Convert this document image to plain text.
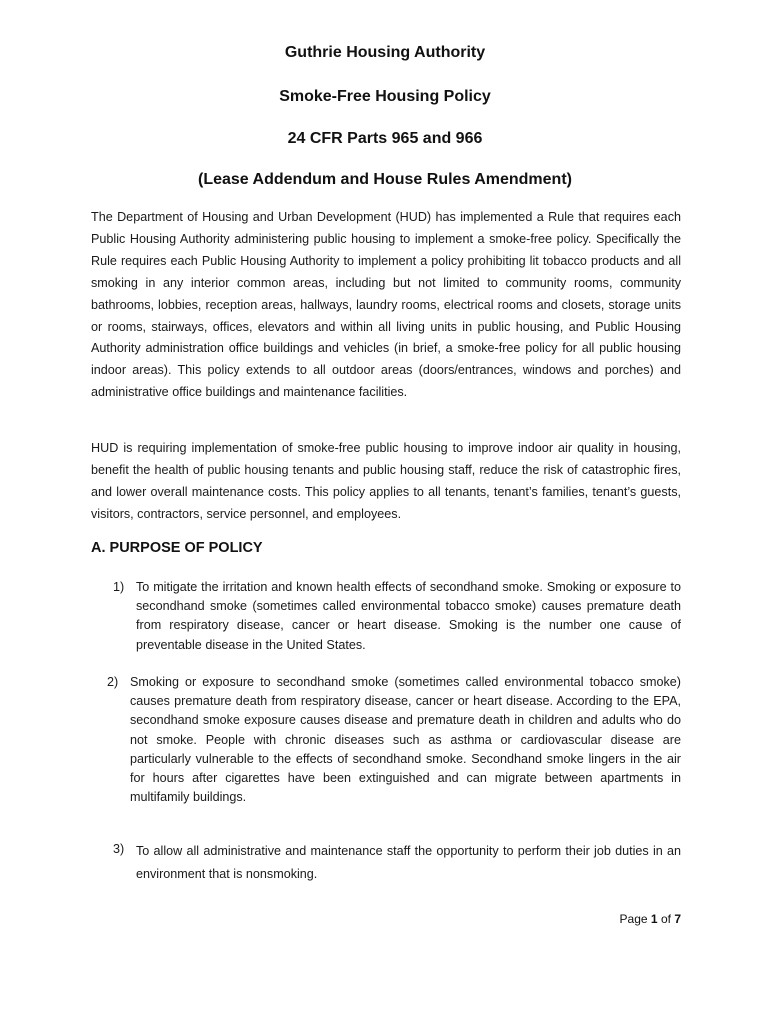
Guthrie Housing Authority
Smoke-Free Housing Policy
24 CFR Parts 965 and 966
(Lease Addendum and House Rules Amendment)
The Department of Housing and Urban Development (HUD) has implemented a Rule that requires each Public Housing Authority administering public housing to implement a smoke-free policy. Specifically the Rule requires each Public Housing Authority to implement a policy prohibiting lit tobacco products and all smoking in any interior common areas, including but not limited to community rooms, community bathrooms, lobbies, reception areas, hallways, laundry rooms, electrical rooms and closets, storage units or rooms, stairways, offices, elevators and within all living units in public housing, and Public Housing Authority administration office buildings and vehicles (in brief, a smoke-free policy for all public housing indoor areas). This policy extends to all outdoor areas (doors/entrances, windows and porches) and administrative office buildings and maintenance facilities.
HUD is requiring implementation of smoke-free public housing to improve indoor air quality in housing, benefit the health of public housing tenants and public housing staff, reduce the risk of catastrophic fires, and lower overall maintenance costs. This policy applies to all tenants, tenant’s families, tenant’s guests, visitors, contractors, service personnel, and employees.
A. PURPOSE OF POLICY
1) To mitigate the irritation and known health effects of secondhand smoke. Smoking or exposure to secondhand smoke (sometimes called environmental tobacco smoke) causes premature death from respiratory disease, cancer or heart disease. Smoking is the number one cause of preventable disease in the United States.
2) Smoking or exposure to secondhand smoke (sometimes called environmental tobacco smoke) causes premature death from respiratory disease, cancer or heart disease. According to the EPA, secondhand smoke exposure causes disease and premature death in children and adults who do not smoke. People with chronic diseases such as asthma or cardiovascular disease are particularly vulnerable to the effects of secondhand smoke. Secondhand smoke lingers in the air for hours after cigarettes have been extinguished and can migrate between apartments in multifamily buildings.
3) To allow all administrative and maintenance staff the opportunity to perform their job duties in an environment that is nonsmoking.
Page 1 of 7
